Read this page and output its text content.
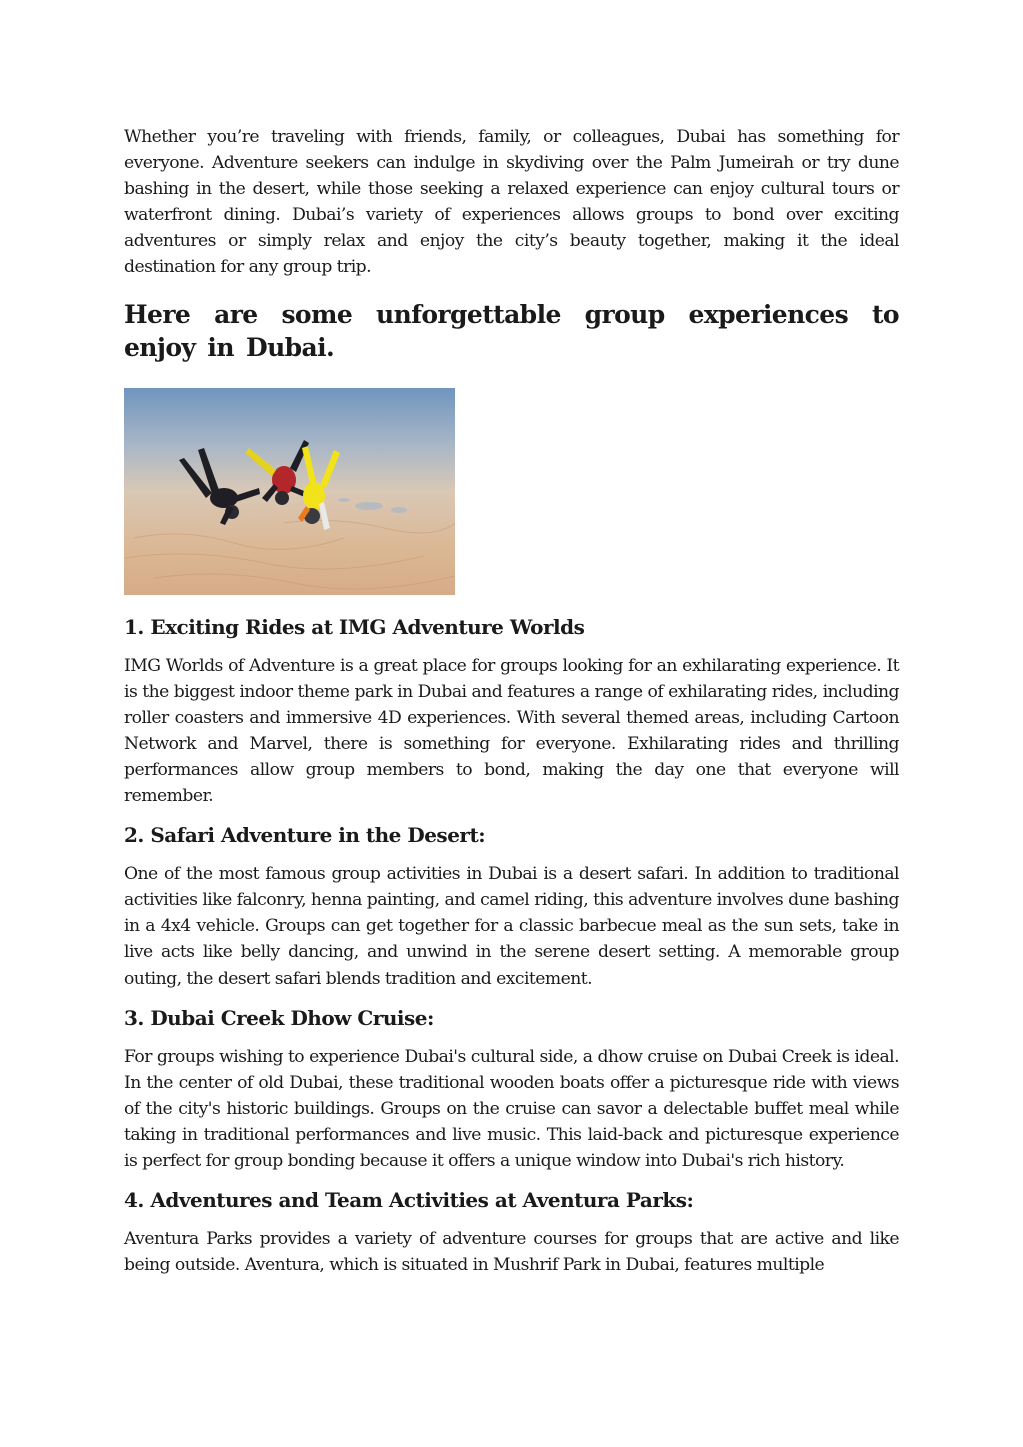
Whether you’re traveling with friends, family, or colleagues, Dubai has something for everyone. Adventure seekers can indulge in skydiving over the Palm Jumeirah or try dune bashing in the desert, while those seeking a relaxed experience can enjoy cultural tours or waterfront dining. Dubai’s variety of experiences allows groups to bond over exciting adventures or simply relax and enjoy the city’s beauty together, making it the ideal destination for any group trip.

Here are some unforgettable group experiences to enjoy in Dubai.
1. Exciting Rides at IMG Adventure Worlds

IMG Worlds of Adventure is a great place for groups looking for an exhilarating experience. It is the biggest indoor theme park in Dubai and features a range of exhilarating rides, including roller coasters and immersive 4D experiences. With several themed areas, including Cartoon Network and Marvel, there is something for everyone. Exhilarating rides and thrilling performances allow group members to bond, making the day one that everyone will remember.

2. Safari Adventure in the Desert:

One of the most famous group activities in Dubai is a desert safari. In addition to traditional activities like falconry, henna painting, and camel riding, this adventure involves dune bashing in a 4x4 vehicle. Groups can get together for a classic barbecue meal as the sun sets, take in live acts like belly dancing, and unwind in the serene desert setting. A memorable group outing, the desert safari blends tradition and excitement.

3. Dubai Creek Dhow Cruise:

For groups wishing to experience Dubai's cultural side, a dhow cruise on Dubai Creek is ideal. In the center of old Dubai, these traditional wooden boats offer a picturesque ride with views of the city's historic buildings. Groups on the cruise can savor a delectable buffet meal while taking in traditional performances and live music. This laid-back and picturesque experience is perfect for group bonding because it offers a unique window into Dubai's rich history.

4. Adventures and Team Activities at Aventura Parks:

Aventura Parks provides a variety of adventure courses for groups that are active and like being outside. Aventura, which is situated in Mushrif Park in Dubai, features multiple
